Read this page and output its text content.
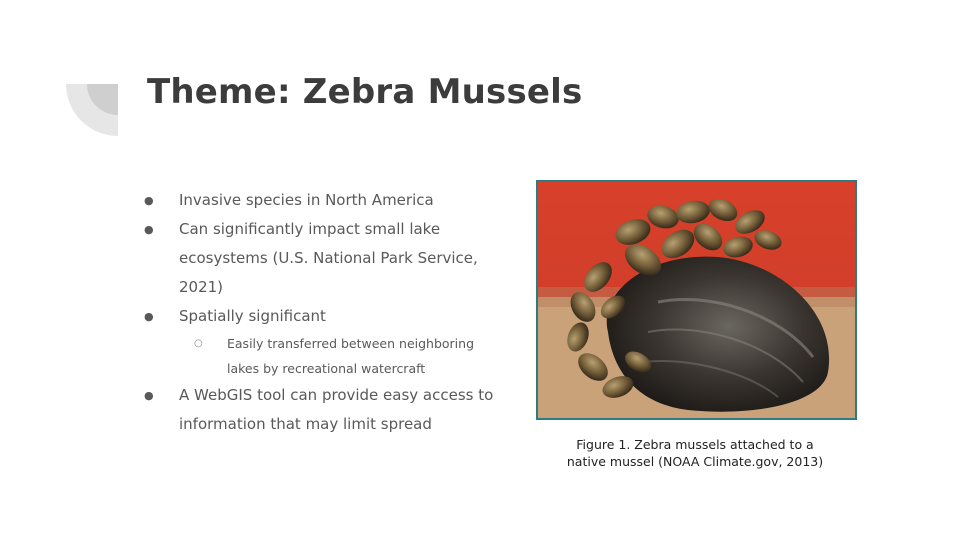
Theme: Zebra Mussels
● Invasive species in North America
● Can significantly impact small lake ecosystems (U.S. National Park Service, 2021)
● Spatially significant
○ Easily transferred between neighboring lakes by recreational watercraft
● A WebGIS tool can provide easy access to information that may limit spread
Figure 1. Zebra mussels attached to a
native mussel (NOAA Climate.gov, 2013)
